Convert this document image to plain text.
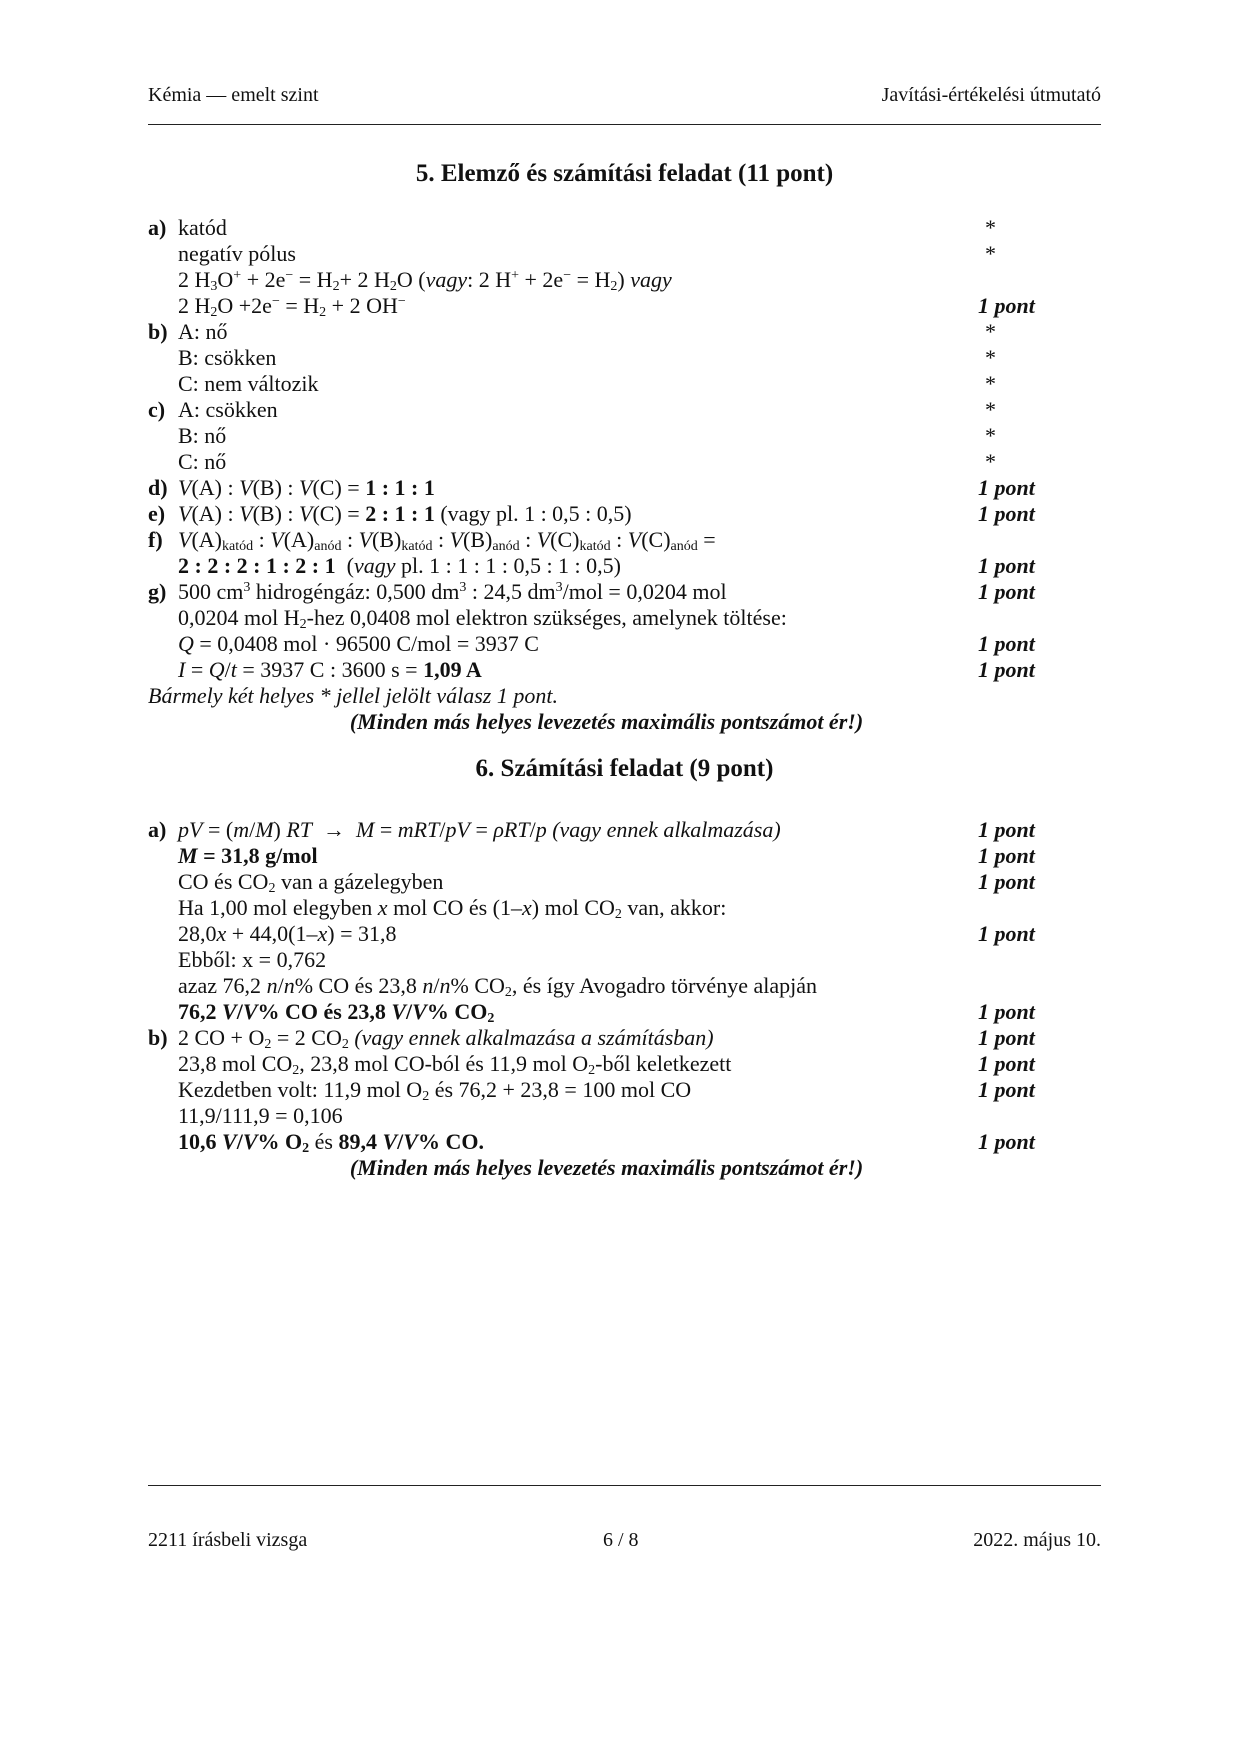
Kémia — emelt szint	Javítási-értékelési útmutató
5. Elemző és számítási feladat (11 pont)
a) katód	*
negatív pólus	*
2 $H_3O^+ + 2e^- = H_2+ 2$ $H_2O$ (vagy: 2 $H^+ + 2e^- = H_2$) vagy
2 $H_2O +2e^- = H_2 + 2$ OH−	1 pont
b) A: nő	*
B: csökken	*
C: nem változik	*
c) A: csökken	*
B: nő	*
C: nő	*
d) V(A) : V(B) : V(C) = 1 : 1 : 1	1 pont
e) V(A) : V(B) : V(C) = 2 : 1 : 1 (vagy pl. 1 : 0,5 : 0,5)	1 pont
f) $V(A)_{katód}$ : $V(A)_{anód}$ : $V(B)_{katód}$ : $V(B)_{anód}$ : $V(C)_{katód}$ : $V(C)_{anód}$ =
2 : 2 : 2 : 1 : 2 : 1  (vagy pl. 1 : 1 : 1 : 0,5 : 1 : 0,5)	1 pont
g) 500 $cm^3$ hidrogéngáz: 0,500 $dm^3$ : 24,5 $dm^3$/mol = 0,0204 mol	1 pont
0,0204 mol $H_2$-hez 0,0408 mol elektron szükséges, amelynek töltése:
Q = 0,0408 mol · 96500 C/mol = 3937 C	1 pont
I = Q/t = 3937 C : 3600 s = 1,09 A	1 pont
Bármely két helyes * jellel jelölt válasz 1 pont.
(Minden más helyes levezetés maximális pontszámot ér!)
6. Számítási feladat (9 pont)
a) pV = (m/M) RT  →  M = mRT/pV = ρRT/p (vagy ennek alkalmazása)	1 pont
M = 31,8 g/mol	1 pont
CO és $CO_2$ van a gázelegyben	1 pont
Ha 1,00 mol elegyben x mol CO és (1–x) mol $CO_2$ van, akkor:
28,0x + 44,0(1–x) = 31,8	1 pont
Ebből: x = 0,762
azaz 76,2 n/n% CO és 23,8 n/n% $CO_2$, és így Avogadro törvénye alapján
76,2 V/V% CO és 23,8 V/V% $CO_2$	1 pont
b) 2 CO + $O_2 = 2$ $CO_2$ (vagy ennek alkalmazása a számításban)	1 pont
23,8 mol $CO_2$, 23,8 mol CO-ból és 11,9 mol $O_2$-ből keletkezett	1 pont
Kezdetben volt: 11,9 mol $O_2$ és 76,2 + 23,8 = 100 mol CO	1 pont
11,9/111,9 = 0,106
10,6 V/V% $O_2$ és 89,4 V/V% CO.	1 pont
(Minden más helyes levezetés maximális pontszámot ér!)
2211 írásbeli vizsga	6 / 8	2022. május 10.
